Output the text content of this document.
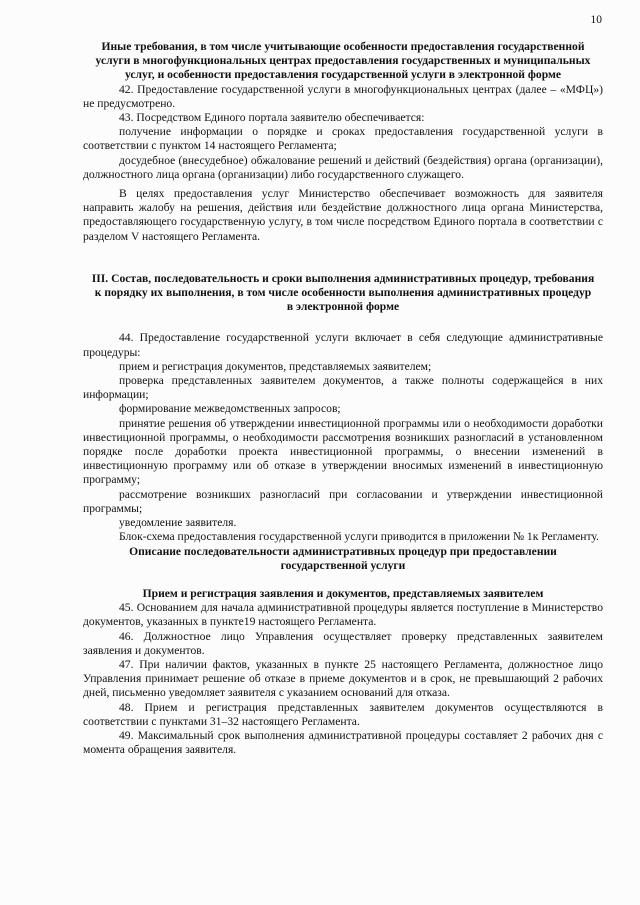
10
Иные требования, в том числе учитывающие особенности предоставления государственной услуги в многофункциональных центрах предоставления государственных и муниципальных услуг, и особенности предоставления государственной услуги в электронной форме

42. Предоставление государственной услуги в многофункциональных центрах (далее – «МФЦ») не предусмотрено.

43. Посредством Единого портала заявителю обеспечивается:

получение информации о порядке и сроках предоставления государственной услуги в соответствии с пунктом 14 настоящего Регламента;

досудебное (внесудебное) обжалование решений и действий (бездействия) органа (организации), должностного лица органа (организации) либо государственного служащего.

В целях предоставления услуг Министерство обеспечивает возможность для заявителя направить жалобу на решения, действия или бездействие должностного лица органа Министерства, предоставляющего государственную услугу, в том числе посредством Единого портала в соответствии с разделом V настоящего Регламента.

III. Состав, последовательность и сроки выполнения административных процедур, требования к порядку их выполнения, в том числе особенности выполнения административных процедур в электронной форме

44. Предоставление государственной услуги включает в себя следующие административные процедуры:

прием и регистрация документов, представляемых заявителем;

проверка представленных заявителем документов, а также полноты содержащейся в них информации;

формирование межведомственных запросов;

принятие решения об утверждении инвестиционной программы или о необходимости доработки инвестиционной программы, о необходимости рассмотрения возникших разногласий в установленном порядке после доработки проекта инвестиционной программы, о внесении изменений в инвестиционную программу или об отказе в утверждении вносимых изменений в инвестиционную программу;

рассмотрение возникших разногласий при согласовании и утверждении инвестиционной программы;

уведомление заявителя.

Блок-схема предоставления государственной услуги приводится в приложении № 1к Регламенту.

Описание последовательности административных процедур при предоставлении государственной услуги
Прием и регистрация заявления и документов, представляемых заявителем

45. Основанием для начала административной процедуры является поступление в Министерство документов, указанных в пункте19 настоящего Регламента.

46. Должностное лицо Управления осуществляет проверку представленных заявителем заявления и документов.

47. При наличии фактов, указанных в пункте 25 настоящего Регламента, должностное лицо Управления принимает решение об отказе в приеме документов и в срок, не превышающий 2 рабочих дней, письменно уведомляет заявителя с указанием оснований для отказа.

48. Прием и регистрация представленных заявителем документов осуществляются в соответствии с пунктами 31–32 настоящего Регламента.

49. Максимальный срок выполнения административной процедуры составляет 2 рабочих дня с момента обращения заявителя.
